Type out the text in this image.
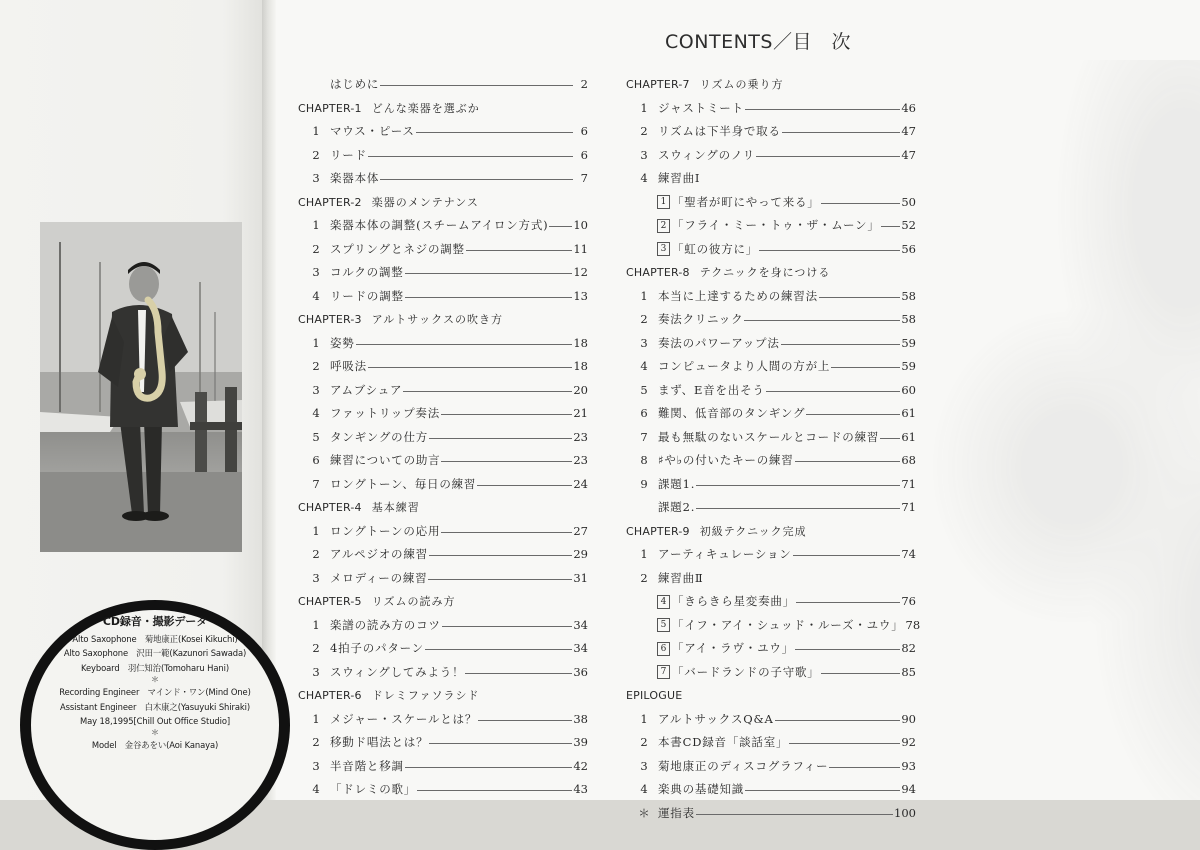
CD録音・撮影データ
Alto Saxophone　菊地康正(Kosei Kikuchi)
Alto Saxophone　沢田一範(Kazunori Sawada)
Keyboard　羽仁知治(Tomoharu Hani)
＊
Recording Engineer　マインド・ワン(Mind One)
Assistant Engineer　白木康之(Yasuyuki Shiraki)
May 18,1995[Chill Out Office Studio]
＊
Model　金谷あをい(Aoi Kanaya)
CONTENTS／目　次
はじめに	2
CHAPTER-1 どんな楽器を選ぶか
1 マウス・ピース	6
2 リード	6
3 楽器本体	7
CHAPTER-2 楽器のメンテナンス
1 楽器本体の調整(スチームアイロン方式) 10
2 スプリングとネジの調整	11
3 コルクの調整	12
4 リードの調整	13
CHAPTER-3 アルトサックスの吹き方
1 姿勢	18
2 呼吸法	18
3 アムブシュア	20
4 ファットリップ奏法	21
5 タンギングの仕方	23
6 練習についての助言	23
7 ロングトーン、毎日の練習	24
CHAPTER-4 基本練習
1 ロングトーンの応用	27
2 アルペジオの練習	29
3 メロディーの練習	31
CHAPTER-5 リズムの読み方
1 楽譜の読み方のコツ	34
2 4拍子のパターン	34
3 スウィングしてみよう！	36
CHAPTER-6 ドレミファソラシド
1 メジャー・スケールとは？	38
2 移動ド唱法とは？	39
3 半音階と移調	42
4 「ドレミの歌」	43
CHAPTER-7 リズムの乗り方
1 ジャストミート	46
2 リズムは下半身で取る	47
3 スウィングのノリ	47
4 練習曲Ⅰ
1 「聖者が町にやって来る」	50
2 「フライ・ミー・トゥ・ザ・ムーン」 52
3 「虹の彼方に」	56
CHAPTER-8 テクニックを身につける
1 本当に上達するための練習法	58
2 奏法クリニック	58
3 奏法のパワーアップ法	59
4 コンピュータより人間の方が上	59
5 まず、E音を出そう	60
6 難関、低音部のタンギング	61
7 最も無駄のないスケールとコードの練習 61
8 ♯や♭の付いたキーの練習	68
9 課題1.	71
課題2.	71
CHAPTER-9 初級テクニック完成
1 アーティキュレーション	74
2 練習曲Ⅱ
4 「きらきら星変奏曲」	76
5 「イフ・アイ・シュッド・ルーズ・ユウ」 78
6 「アイ・ラヴ・ユウ」	82
7 「バードランドの子守歌」	85
EPILOGUE
1 アルトサックスQ&A	90
2 本書CD録音「談話室」	92
3 菊地康正のディスコグラフィー	93
4 楽典の基礎知識	94
＊ 運指表	100
